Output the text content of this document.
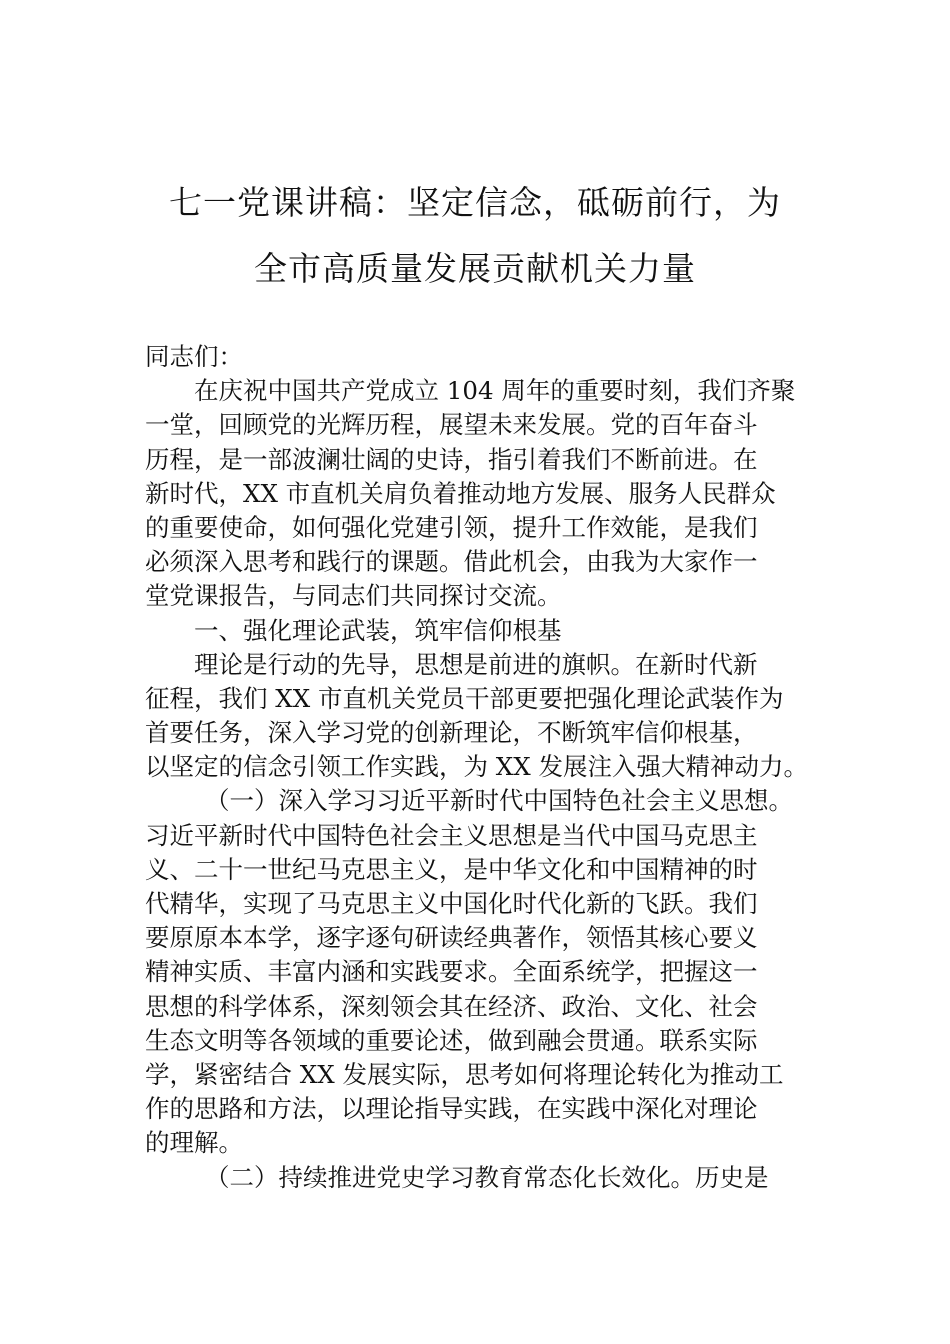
七一党课讲稿：坚定信念，砥砺前行，为
全市高质量发展贡献机关力量
同志们：
在庆祝中国共产党成立 104 周年的重要时刻，我们齐聚
一堂，回顾党的光辉历程，展望未来发展。党的百年奋斗
历程，是一部波澜壮阔的史诗，指引着我们不断前进。在
新时代，XX 市直机关肩负着推动地方发展、服务人民群众
的重要使命，如何强化党建引领，提升工作效能，是我们
必须深入思考和践行的课题。借此机会，由我为大家作一
堂党课报告，与同志们共同探讨交流。
一、强化理论武装，筑牢信仰根基
理论是行动的先导，思想是前进的旗帜。在新时代新
征程，我们 XX 市直机关党员干部更要把强化理论武装作为
首要任务，深入学习党的创新理论，不断筑牢信仰根基，
以坚定的信念引领工作实践，为 XX 发展注入强大精神动力。
（一）深入学习习近平新时代中国特色社会主义思想。
习近平新时代中国特色社会主义思想是当代中国马克思主
义、二十一世纪马克思主义，是中华文化和中国精神的时
代精华，实现了马克思主义中国化时代化新的飞跃。我们
要原原本本学，逐字逐句研读经典著作，领悟其核心要义
精神实质、丰富内涵和实践要求。全面系统学，把握这一
思想的科学体系，深刻领会其在经济、政治、文化、社会
生态文明等各领域的重要论述，做到融会贯通。联系实际
学，紧密结合 XX 发展实际，思考如何将理论转化为推动工
作的思路和方法，以理论指导实践，在实践中深化对理论
的理解。
（二）持续推进党史学习教育常态化长效化。历史是
